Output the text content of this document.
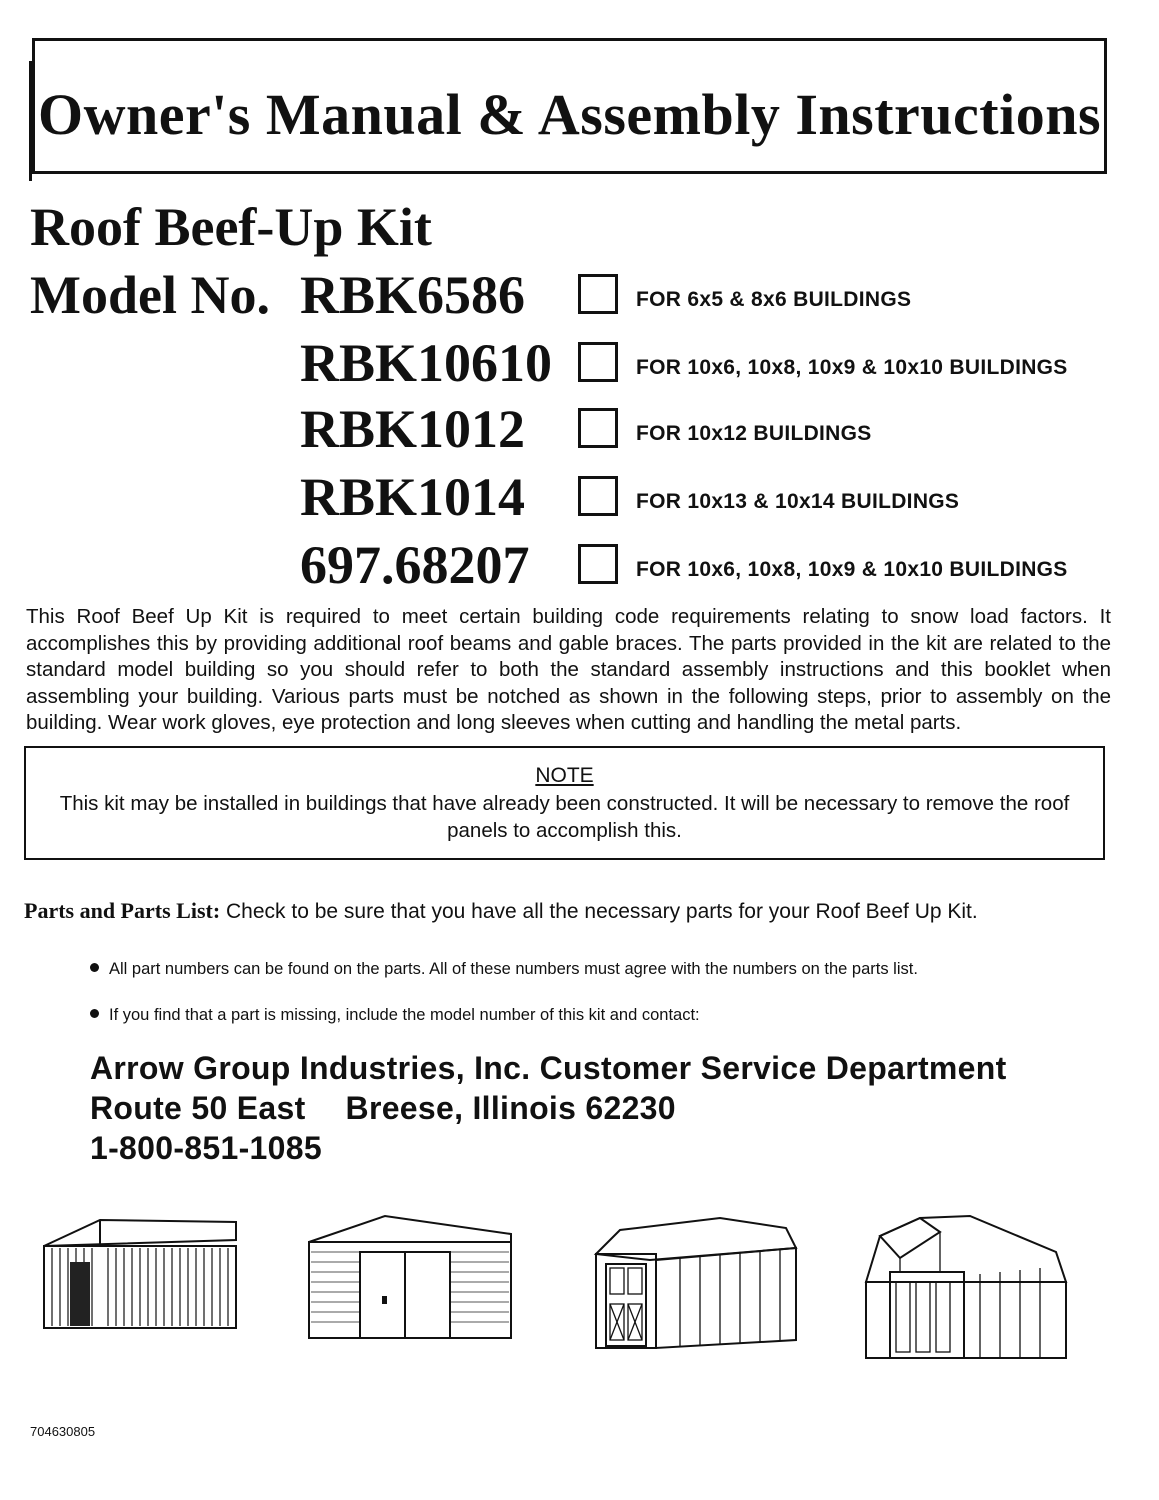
Owner's Manual & Assembly Instructions
Roof Beef-Up Kit
Model No. RBK6586	FOR 6x5 & 8x6 BUILDINGS
RBK10610	FOR 10x6, 10x8, 10x9 & 10x10 BUILDINGS
RBK1012	FOR 10x12 BUILDINGS
RBK1014	FOR 10x13 & 10x14 BUILDINGS
697.68207	FOR 10x6, 10x8, 10x9 & 10x10 BUILDINGS
This Roof Beef Up Kit is required to meet certain building code requirements relating to snow load factors. It accomplishes this by providing additional roof beams and gable braces. The parts provided in the kit are related to the standard model building so you should refer to both the standard assembly instructions and this booklet when assembling your building. Various parts must be notched as shown in the following steps, prior to assembly on the building. Wear work gloves, eye protection and long sleeves when cutting and handling the metal parts.
NOTE
This kit may be installed in buildings that have already been constructed. It will be necessary to remove the roof panels to accomplish this.
Parts and Parts List: Check to be sure that you have all the necessary parts for your Roof Beef Up Kit.
All part numbers can be found on the parts. All of these numbers must agree with the numbers on the parts list.
If you find that a part is missing, include the model number of this kit and contact:
Arrow Group Industries, Inc. Customer Service Department
Route 50 East Breese, Illinois 62230
1-800-851-1085
704630805
